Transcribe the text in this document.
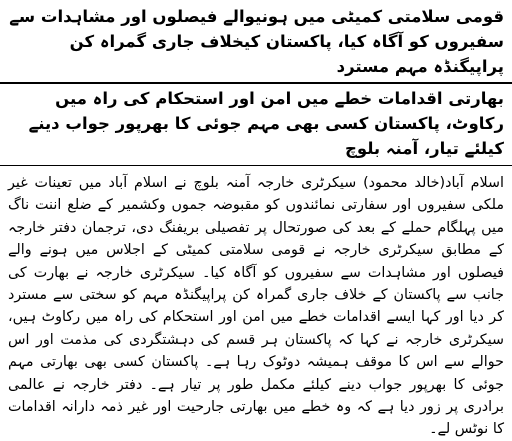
قومی سلامتی کمیٹی میں ہونیوالے فیصلوں اور مشاہدات سے سفیروں کو آگاہ کیا، پاکستان کیخلاف جاری گمراہ کن پراپیگنڈہ مہم مسترد

بھارتی اقدامات خطے میں امن اور استحکام کی راہ میں رکاوٹ، پاکستان کسی بھی مہم جوئی کا بھرپور جواب دینے کیلئے تیار، آمنہ بلوچ

اسلام آباد(خالد محمود) سیکرٹری خارجہ آمنہ بلوچ نے اسلام آباد میں تعینات غیر ملکی سفیروں اور سفارتی نمائندوں کو مقبوضہ جموں وکشمیر کے ضلع اننت ناگ میں پہلگام حملے کے بعد کی صورتحال پر تفصیلی بریفنگ دی، ترجمان دفتر خارجہ کے مطابق سیکرٹری خارجہ نے قومی سلامتی کمیٹی کے اجلاس میں ہونے والے فیصلوں اور مشاہدات سے سفیروں کو آگاہ کیا۔ سیکرٹری خارجہ نے بھارت کی جانب سے پاکستان کے خلاف جاری گمراہ کن پراپیگنڈہ مہم کو سختی سے مسترد کر دیا اور کہا ایسے اقدامات خطے میں امن اور استحکام کی راہ میں رکاوٹ ہیں، سیکرٹری خارجہ نے کہا کہ پاکستان ہر قسم کی دہشتگردی کی مذمت اور اس حوالے سے اس کا موقف ہمیشہ دوٹوک رہا ہے۔ پاکستان کسی بھی بھارتی مہم جوئی کا بھرپور جواب دینے کیلئے مکمل طور پر تیار ہے۔ دفتر خارجہ نے عالمی برادری پر زور دیا ہے کہ وہ خطے میں بھارتی جارحیت اور غیر ذمہ دارانہ اقدامات کا نوٹس لے۔
